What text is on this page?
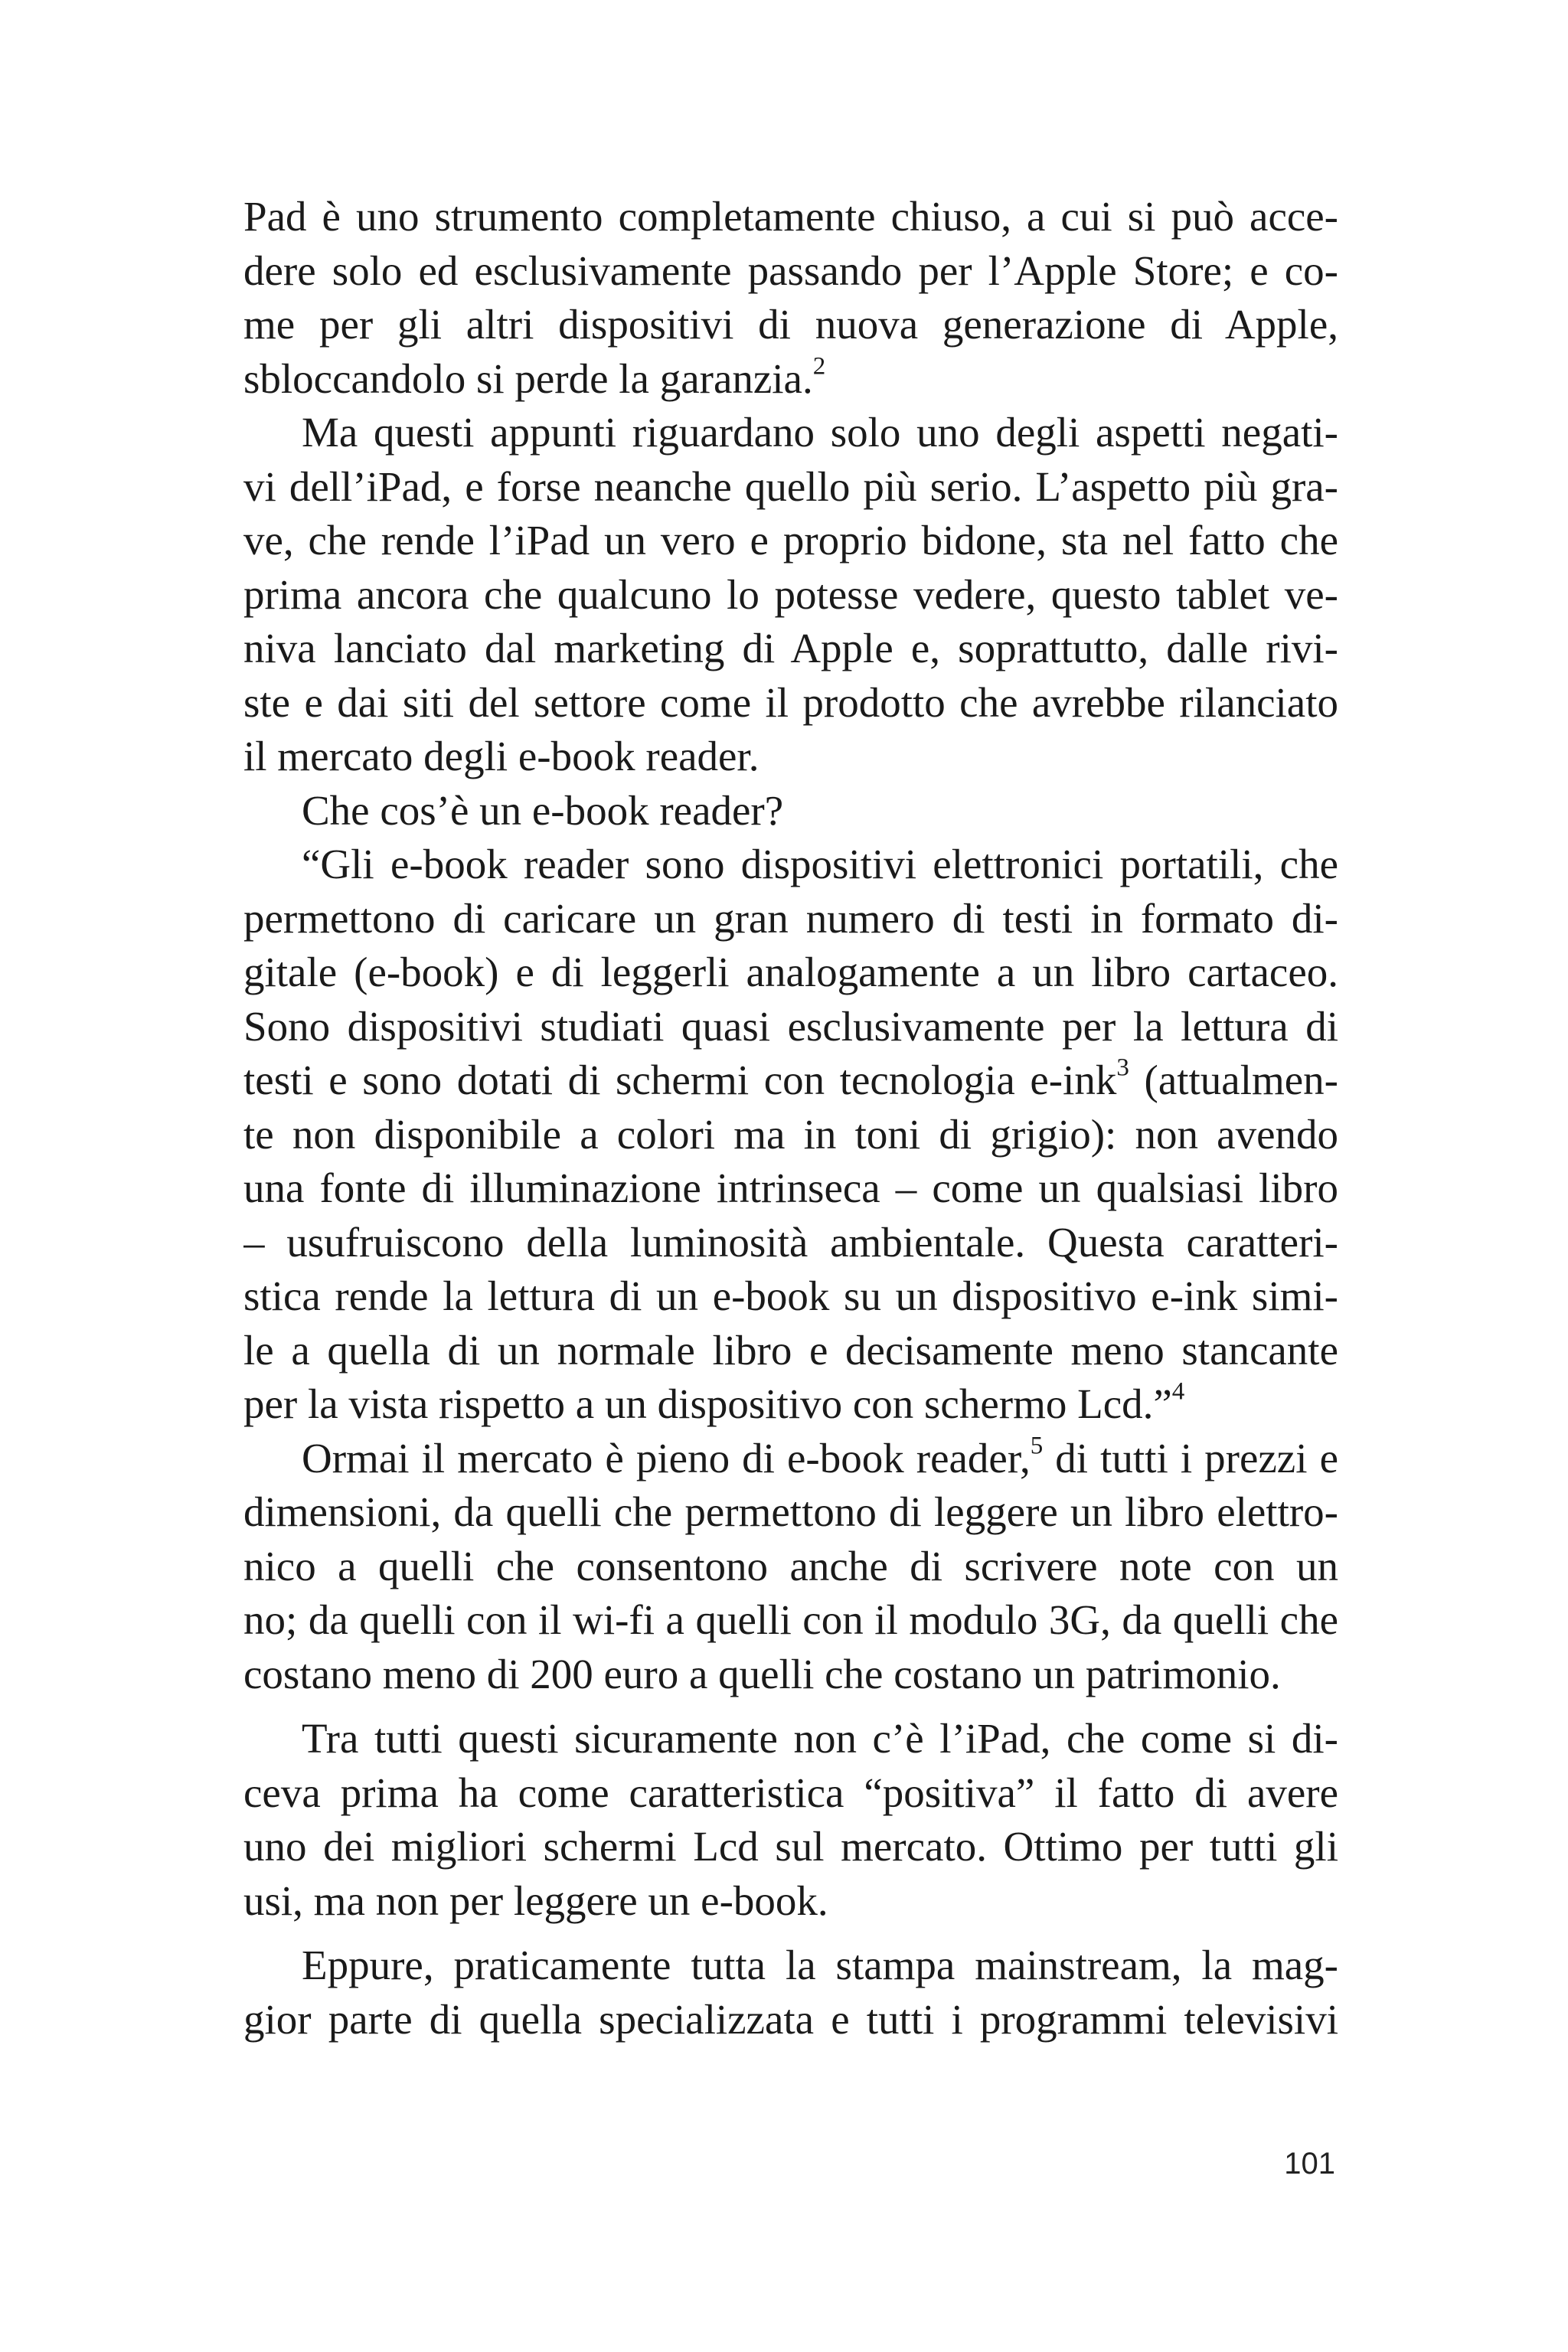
Pad è uno strumento completamente chiuso, a cui si può acce-
dere solo ed esclusivamente passando per l’Apple Store; e co-
me per gli altri dispositivi di nuova generazione di Apple,
sbloccandolo si perde la garanzia.$^2$
Ma questi appunti riguardano solo uno degli aspetti negati-
vi dell’iPad, e forse neanche quello più serio. L’aspetto più gra-
ve, che rende l’iPad un vero e proprio bidone, sta nel fatto che
prima ancora che qualcuno lo potesse vedere, questo tablet ve-
niva lanciato dal marketing di Apple e, soprattutto, dalle rivi-
ste e dai siti del settore come il prodotto che avrebbe rilanciato
il mercato degli e-book reader.
Che cos’è un e-book reader?
“Gli e-book reader sono dispositivi elettronici portatili, che
permettono di caricare un gran numero di testi in formato di-
gitale (e-book) e di leggerli analogamente a un libro cartaceo.
Sono dispositivi studiati quasi esclusivamente per la lettura di
testi e sono dotati di schermi con tecnologia e-ink$^3$ (attualmen-
te non disponibile a colori ma in toni di grigio): non avendo
una fonte di illuminazione intrinseca – come un qualsiasi libro
– usufruiscono della luminosità ambientale. Questa caratteri-
stica rende la lettura di un e-book su un dispositivo e-ink simi-
le a quella di un normale libro e decisamente meno stancante
per la vista rispetto a un dispositivo con schermo Lcd.”$^4$
Ormai il mercato è pieno di e-book reader,$^5$ di tutti i prezzi e
dimensioni, da quelli che permettono di leggere un libro elettro-
nico a quelli che consentono anche di scrivere note con un
no; da quelli con il wi-fi a quelli con il modulo 3G, da quelli che
costano meno di 200 euro a quelli che costano un patrimonio.
Tra tutti questi sicuramente non c’è l’iPad, che come si di-
ceva prima ha come caratteristica “positiva” il fatto di avere
uno dei migliori schermi Lcd sul mercato. Ottimo per tutti gli
usi, ma non per leggere un e-book.
Eppure, praticamente tutta la stampa mainstream, la mag-
gior parte di quella specializzata e tutti i programmi televisivi
101
